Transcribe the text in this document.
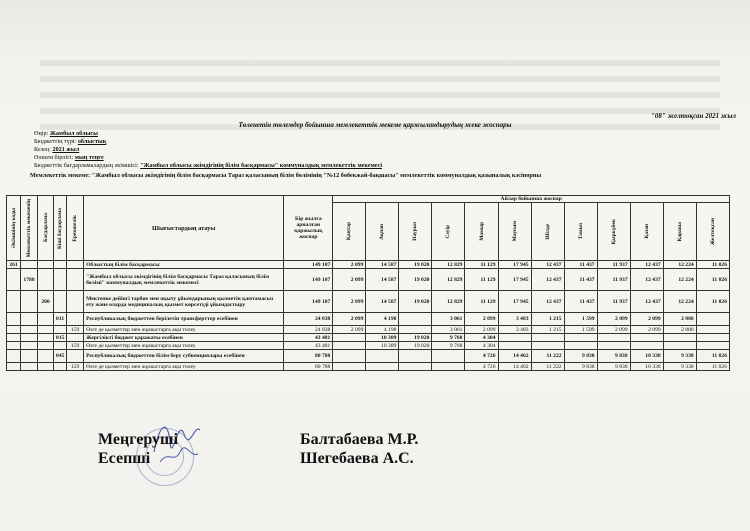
"08" желтоқсан 2021 жыл
Төленетін төлемдер бойынша мемлекеттік мекеме қаржыландырудың жеке жоспары
Өңір: Жамбыл облысы
Бюджеттің түрі: облыстық
Кезең: 2021 жыл
Өлшем бірлігі: мың теңге
Бюджеттік бағдарламалардың әкімшісі: "Жамбыл облысы әкімдігінің білім басқармасы" коммуналдық мемлекеттік мекемесі
Мемлекеттік мекеме: "Жамбыл облысы әкімдігінің білім басқармасы Тараз қаласының білім бөлімінің "№12 бөбекжай-бақшасы" мемлекеттік коммуналдық қазыналық кәсіпорны
Әкімшінің коды	Мемлекеттік мекеменің	Бағдарлама	Кіші бағдарлама	Ерекшелік	Шығыстардың атауы	Бір жылға арналған қаржылық жоспар	Айлар бойынша жоспар											

							Қаңтар	Ақпан	Наурыз	Сәуір	Мамыр	Маусым	Шілде	Тамыз	Қыркүйек	Қазан	Қараша	Желтоқсан

261					Облыстың білім басқармасы	149 107	2 099	14 587	19 020	12 829	11 129	17 945	12 437	11 437	11 937	12 437	12 224	11 026
	1788				"Жамбыл облысы әкімдігінің білім басқармасы Тараз қаласының білім бөлімі" коммуналдық мемлекеттік мекемесі	149 107	2 099	14 587	19 020	12 829	11 129	17 945	12 437	11 437	11 937	12 437	12 224	11 026
		200			Мектепке дейінгі тәрбие мен оқыту ұйымдарының қызметін қамтамасыз ету және оларда медициналық қызмет көрсетуді ұйымдастыру	149 107	2 099	14 587	19 020	12 829	11 129	17 945	12 437	11 437	11 937	12 437	12 224	11 026
			011		Республикалық бюджеттен берілетін трансферттер есебінен	24 838	2 099	4 198		3 061	2 099	3 483	1 215	1 599	2 099	2 099	2 886	
				159	Өзге де қызметтер мен жұмыстарға ақы төлеу	24 838	2 099	4 198		3 061	2 099	3 483	1 215	1 599	2 099	2 099	2 886	
			015		Жергілікті бюджет қаражаты есебінен	43 481		10 389	19 020	9 768	4 304							
				159	Өзге де қызметтер мен жұмыстарға ақы төлеу	43 481		10 389	19 020	9 768	4 304							
			045		Республикалық бюджеттен білім беру субвенциялары есебінен	80 788					4 726	14 462	11 222	9 838	9 838	10 338	9 338	11 026
				159	Өзге де қызметтер мен жұмыстарға ақы төлеу	80 788					4 726	14 462	11 222	9 838	9 838	10 338	9 338	11 026
Меңгеруші	Балтабаева М.Р.
Есепші	Шегебаева А.С.
